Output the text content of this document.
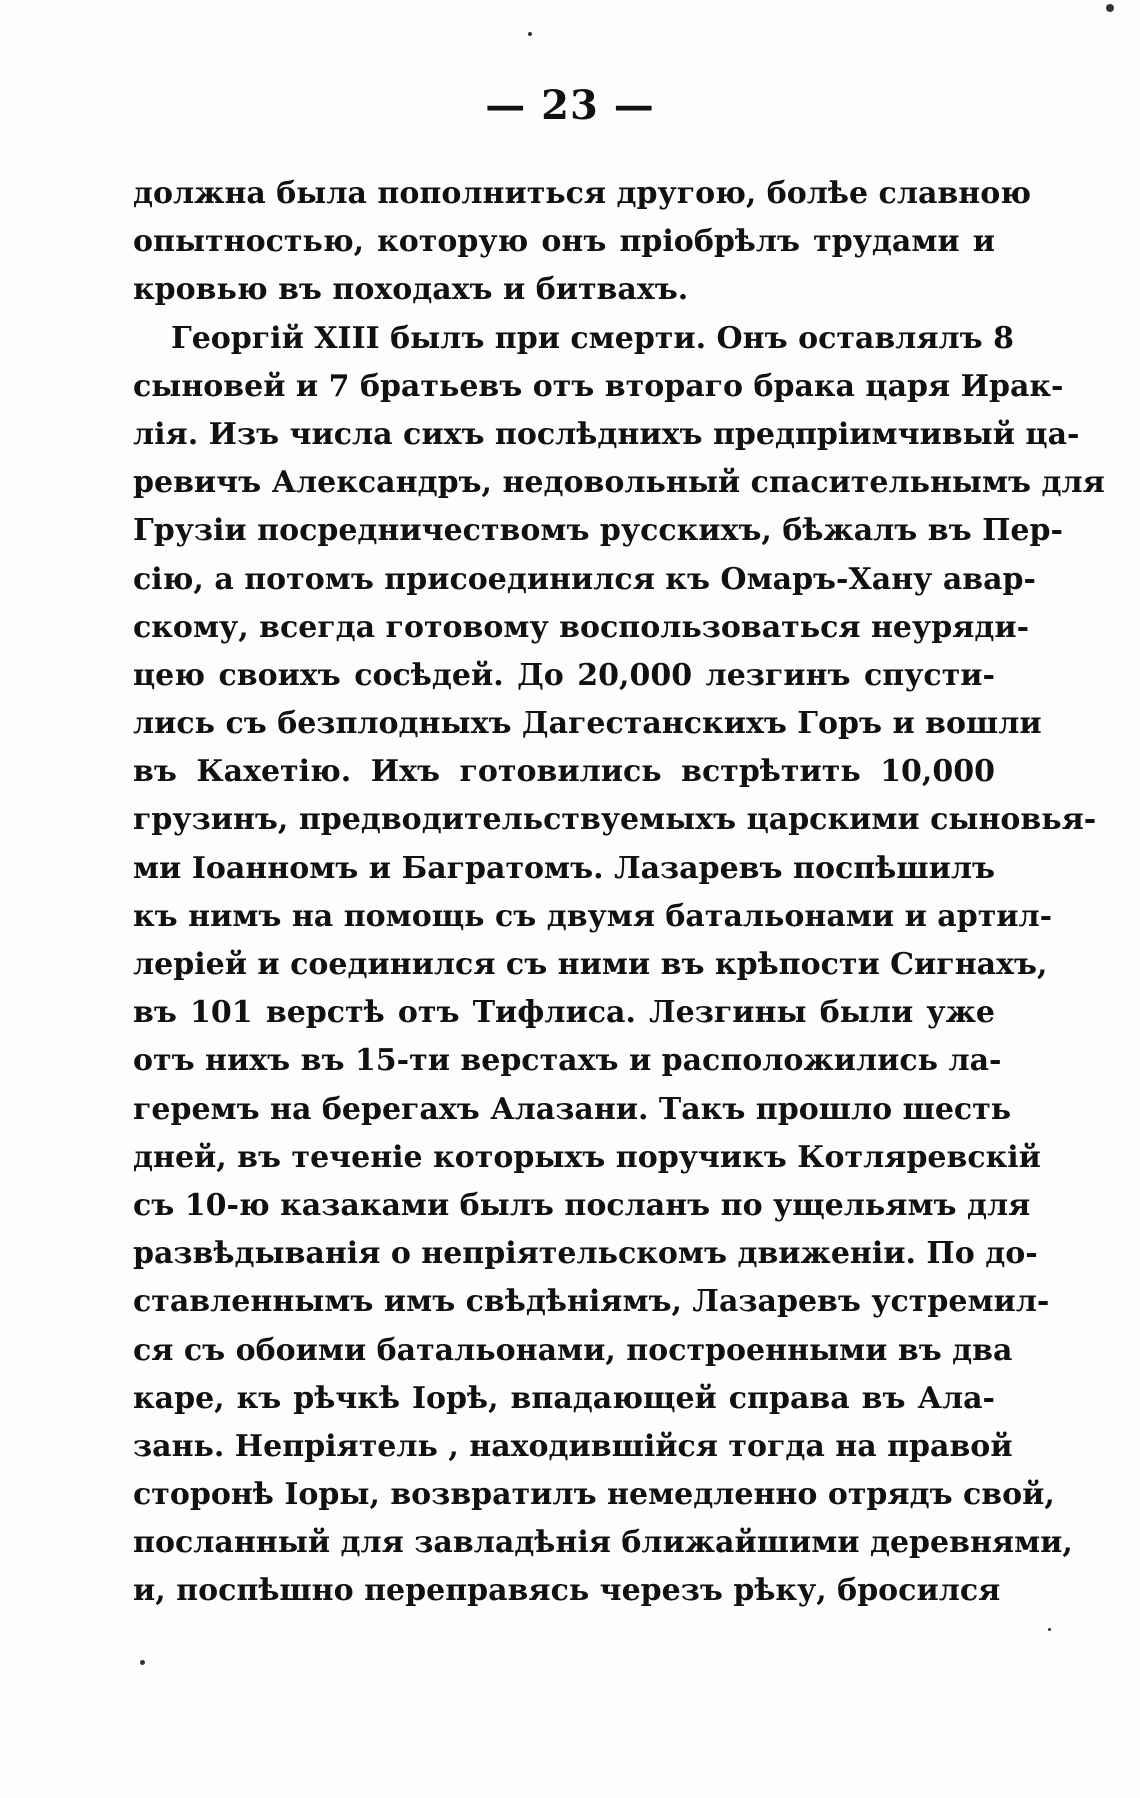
— 23 —
должна была пополниться другою, болѣе славною
опытностью, которую онъ пріобрѣлъ трудами и
кровью въ походахъ и битвахъ.
Георгій XIII былъ при смерти. Онъ оставлялъ 8
сыновей и 7 братьевъ отъ втораго брака царя Ирак-
лія. Изъ числа сихъ послѣднихъ предпріимчивый ца-
ревичъ Александръ, недовольный спасительнымъ для
Грузіи посредничествомъ русскихъ, бѣжалъ въ Пер-
сію, а потомъ присоединился къ Омаръ-Хану авар-
скому, всегда готовому воспользоваться неуряди-
цею своихъ сосѣдей. До 20,000 лезгинъ спусти-
лись съ безплодныхъ Дагестанскихъ Горъ и вошли
въ Кахетію. Ихъ готовились встрѣтить 10,000
грузинъ, предводительствуемыхъ царскими сыновья-
ми Іоанномъ и Багратомъ. Лазаревъ поспѣшилъ
къ нимъ на помощь съ двумя батальонами и артил-
леріей и соединился съ ними въ крѣпости Сигнахъ,
въ 101 верстѣ отъ Тифлиса. Лезгины были уже
отъ нихъ въ 15-ти верстахъ и расположились ла-
геремъ на берегахъ Алазани. Такъ прошло шесть
дней, въ теченіе которыхъ поручикъ Котляревскій
съ 10-ю казаками былъ посланъ по ущельямъ для
развѣдыванія о непріятельскомъ движеніи. По до-
ставленнымъ имъ свѣдѣніямъ, Лазаревъ устремил-
ся съ обоими батальонами, построенными въ два
каре, къ рѣчкѣ Іорѣ, впадающей справа въ Ала-
зань. Непріятель , находившійся тогда на правой
сторонѣ Іоры, возвратилъ немедленно отрядъ свой,
посланный для завладѣнія ближайшими деревнями,
и, поспѣшно переправясь черезъ рѣку, бросился
